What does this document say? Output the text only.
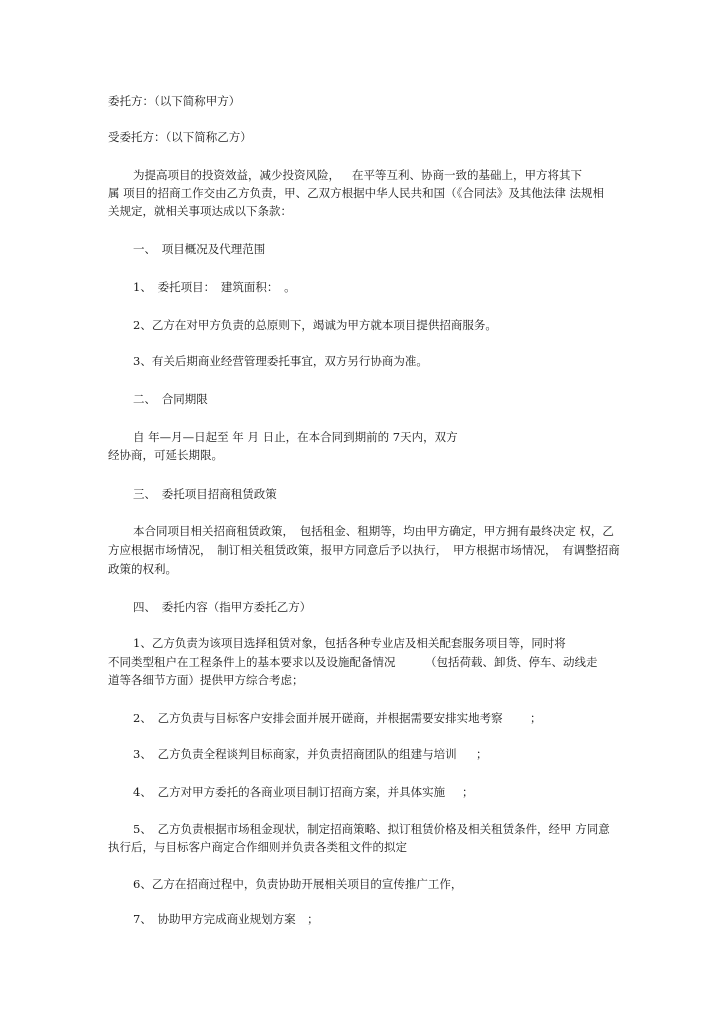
委托方：（以下简称甲方）
受委托方：（以下简称乙方）
为提高项目的投资效益，减少投资风险， 在平等互利、协商一致的基础上，甲方将其下
属 项目的招商工作交由乙方负责，甲、乙双方根据中华人民共和国（《合同法》及其他法律 法规相
关规定，就相关事项达成以下条款：
一、　项目概况及代理范围
1、　委托项目：　建筑面积：　。
2、乙方在对甲方负责的总原则下，竭诚为甲方就本项目提供招商服务。
3、有关后期商业经营管理委托事宜，双方另行协商为准。
二、　合同期限
自 年—月—日起至 年 月 日止，在本合同到期前的 7天内，双方
经协商，可延长期限。
三、　委托项目招商租赁政策
本合同项目相关招商租赁政策，　包括租金、租期等，均由甲方确定，甲方拥有最终决定 权，乙
方应根据市场情况，　制订相关租赁政策，报甲方同意后予以执行，　甲方根据市场情况，　有调整招商
政策的权利。
四、　委托内容（指甲方委托乙方）
1、乙方负责为该项目选择租赁对象，包括各种专业店及相关配套服务项目等，同时将
不同类型租户在工程条件上的基本要求以及设施配备情况	（包括荷载、卸货、停车、动线走
道等各细节方面）提供甲方综合考虑；
2、　乙方负责与目标客户安排会面并展开磋商，并根据需要安排实地考察 ；
3、　乙方负责全程谈判目标商家，并负责招商团队的组建与培训 ；
4、　乙方对甲方委托的各商业项目制订招商方案，并具体实施 ；
5、　乙方负责根据市场租金现状，制定招商策略、拟订租赁价格及相关租赁条件，经甲 方同意
执行后，与目标客户商定合作细则并负责各类租文件的拟定
6、乙方在招商过程中，负责协助开展相关项目的宣传推广工作，
7、　协助甲方完成商业规划方案　；
